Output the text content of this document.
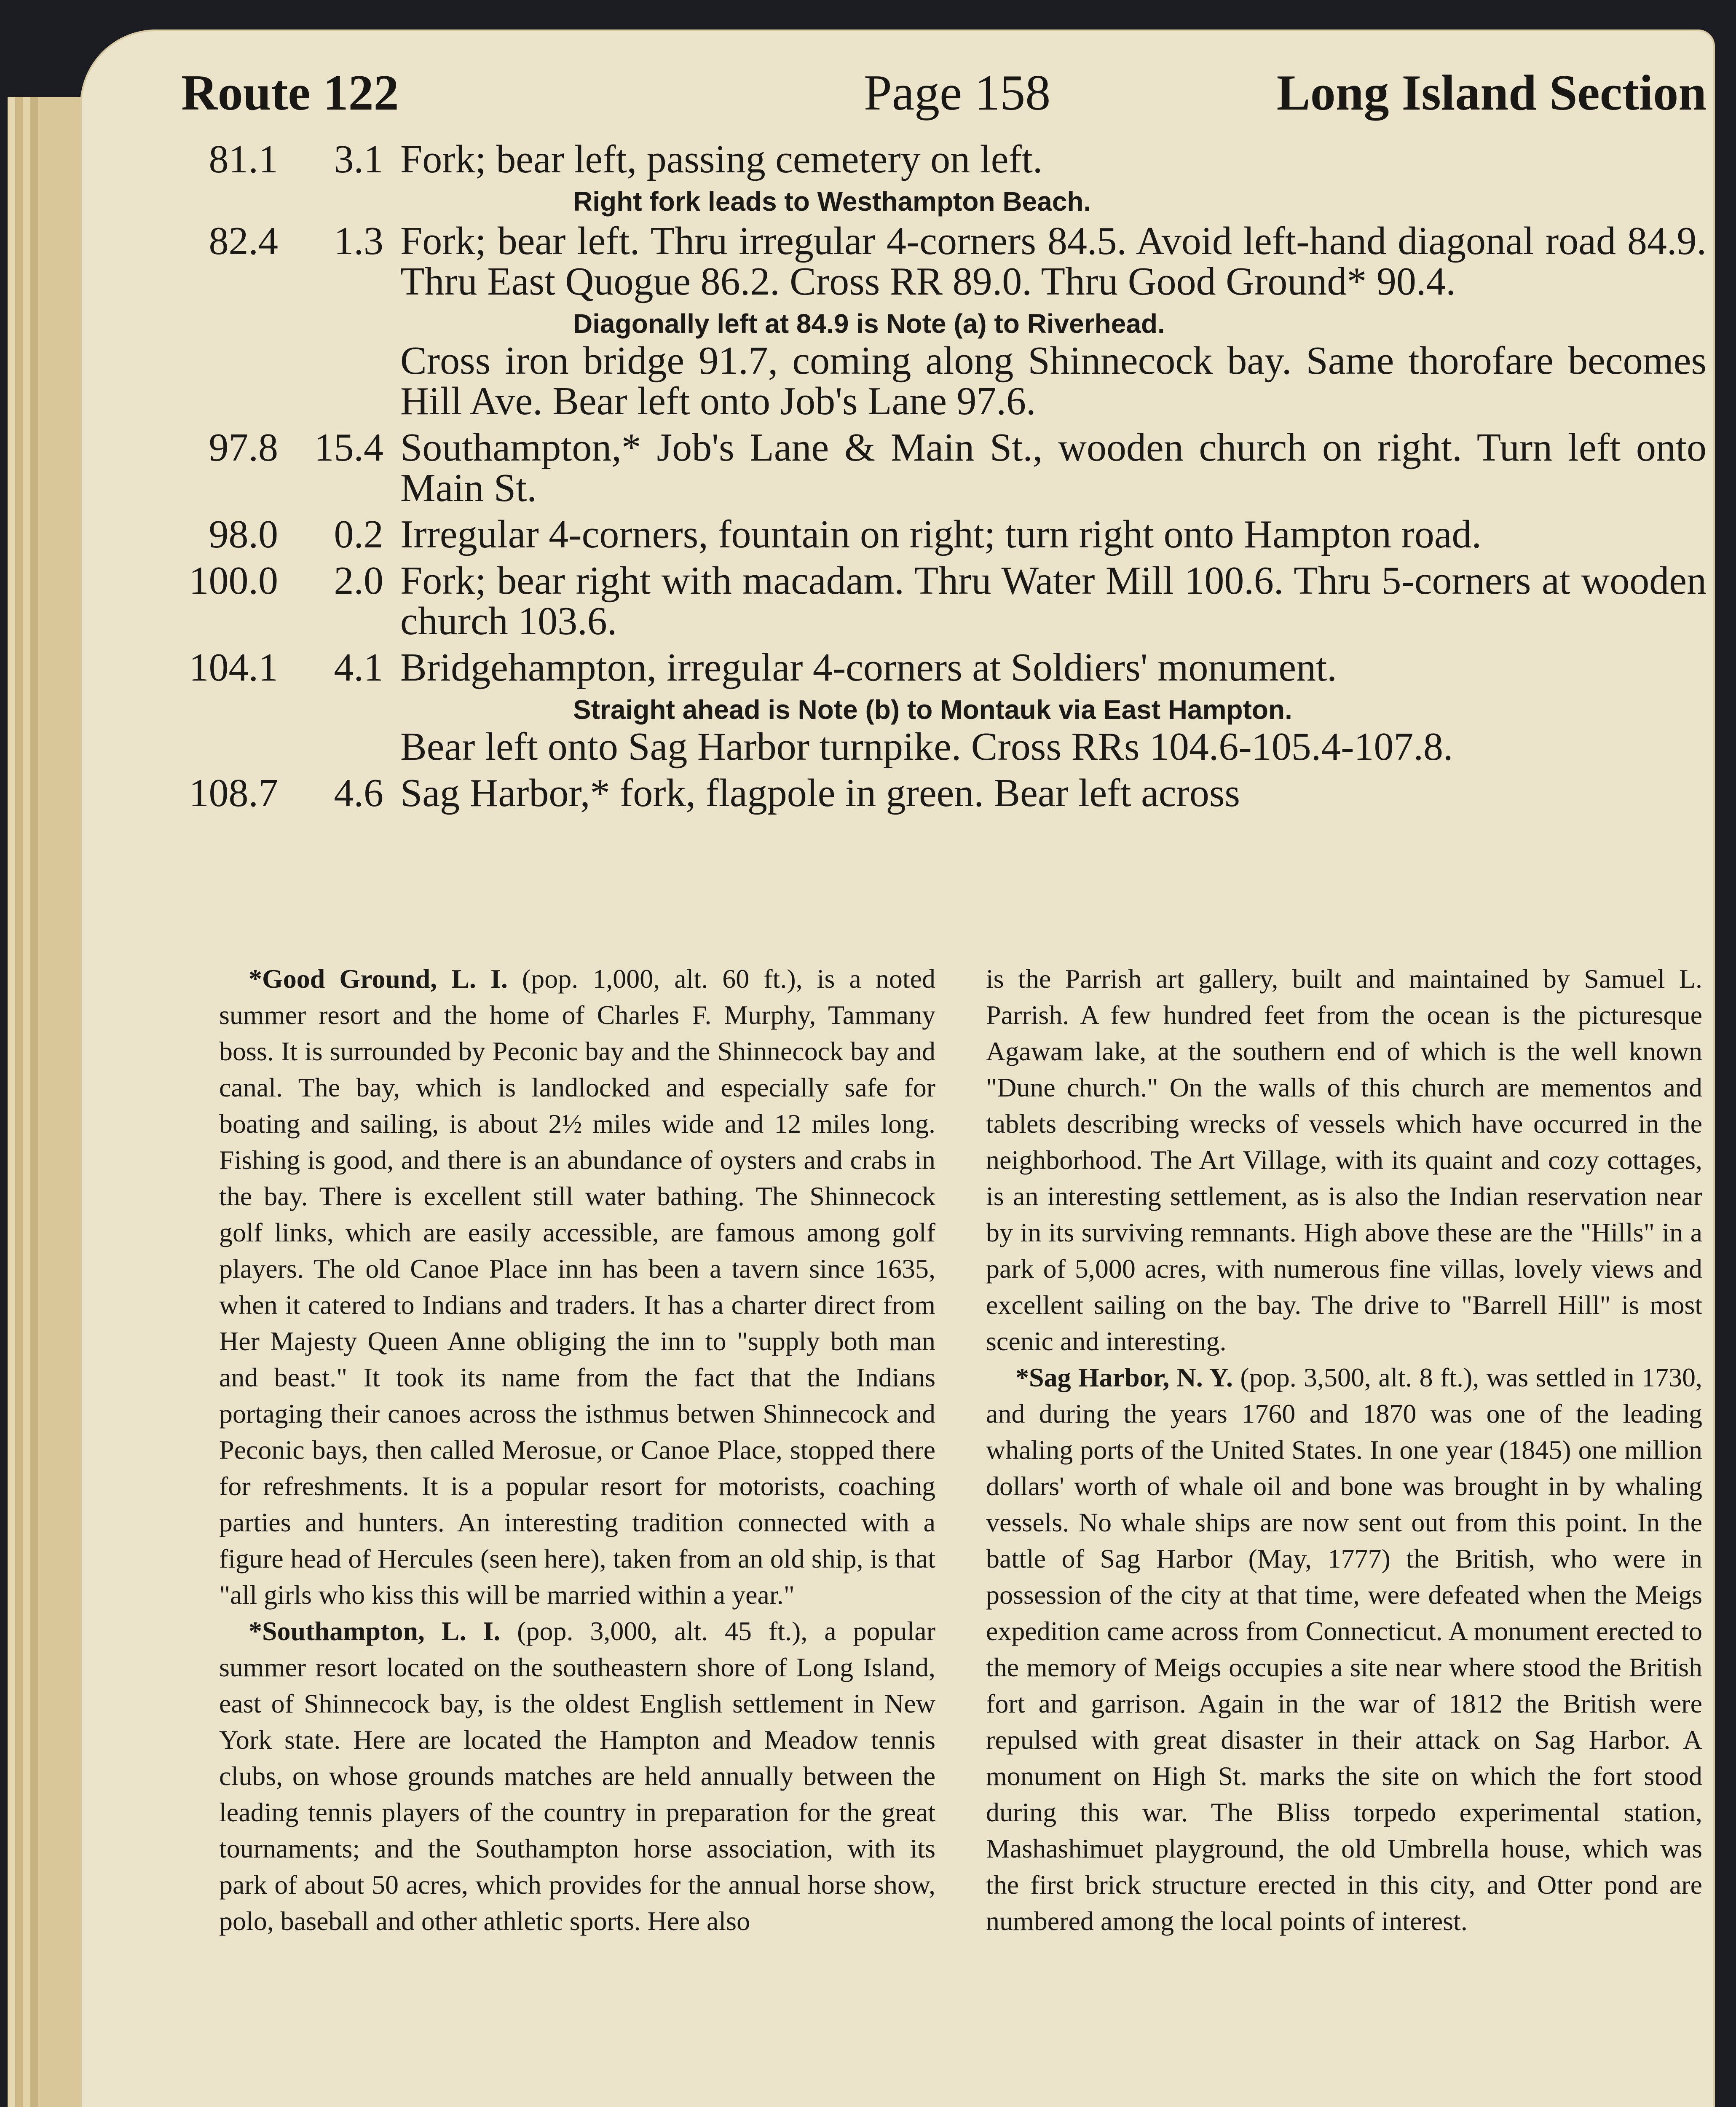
Route 122	Page 158	Long Island Section
81.1	3.1 Fork; bear left, passing cemetery on left.
Right fork leads to Westhampton Beach.
82.4	1.3 Fork; bear left. Thru irregular 4-corners 84.5. Avoid left-hand diagonal road 84.9. Thru East Quogue 86.2. Cross RR 89.0. Thru Good Ground* 90.4.
Diagonally left at 84.9 is Note (a) to Riverhead.
Cross iron bridge 91.7, coming along Shinnecock bay. Same thorofare becomes Hill Ave. Bear left onto Job's Lane 97.6.
97.8 15.4 Southampton,* Job's Lane & Main St., wooden church on right. Turn left onto Main St.
98.0	0.2 Irregular 4-corners, fountain on right; turn right onto Hampton road.
100.0	2.0 Fork; bear right with macadam. Thru Water Mill 100.6. Thru 5-corners at wooden church 103.6.
104.1	4.1 Bridgehampton, irregular 4-corners at Soldiers' monument.
Straight ahead is Note (b) to Montauk via East Hampton.
Bear left onto Sag Harbor turnpike. Cross RRs 104.6-105.4-107.8.
108.7	4.6 Sag Harbor,* fork, flagpole in green. Bear left across

*Good Ground, L. I. (pop. 1,000, alt. 60 ft.), is a noted summer resort and the home of Charles F. Murphy, Tammany boss. It is surrounded by Peconic bay and the Shinnecock bay and canal. The bay, which is landlocked and especially safe for boating and sailing, is about 2½ miles wide and 12 miles long. Fishing is good, and there is an abundance of oysters and crabs in the bay. There is excellent still water bathing. The Shinnecock golf links, which are easily accessible, are famous among golf players. The old Canoe Place inn has been a tavern since 1635, when it catered to Indians and traders. It has a charter direct from Her Majesty Queen Anne obliging the inn to "supply both man and beast." It took its name from the fact that the Indians portaging their canoes across the isthmus betwen Shinnecock and Peconic bays, then called Merosue, or Canoe Place, stopped there for refreshments. It is a popular resort for motorists, coaching parties and hunters. An interesting tradition connected with a figure head of Hercules (seen here), taken from an old ship, is that "all girls who kiss this will be married within a year."

*Southampton, L. I. (pop. 3,000, alt. 45 ft.), a popular summer resort located on the southeastern shore of Long Island, east of Shinnecock bay, is the oldest English settlement in New York state. Here are located the Hampton and Meadow tennis clubs, on whose grounds matches are held annually between the leading tennis players of the country in preparation for the great tournaments; and the Southampton horse association, with its park of about 50 acres, which provides for the annual horse show, polo, baseball and other athletic sports. Here also

is the Parrish art gallery, built and maintained by Samuel L. Parrish. A few hundred feet from the ocean is the picturesque Agawam lake, at the southern end of which is the well known "Dune church." On the walls of this church are mementos and tablets describing wrecks of vessels which have occurred in the neighborhood. The Art Village, with its quaint and cozy cottages, is an interesting settlement, as is also the Indian reservation near by in its surviving remnants. High above these are the "Hills" in a park of 5,000 acres, with numerous fine villas, lovely views and excellent sailing on the bay. The drive to "Barrell Hill" is most scenic and interesting.

*Sag Harbor, N. Y. (pop. 3,500, alt. 8 ft.), was settled in 1730, and during the years 1760 and 1870 was one of the leading whaling ports of the United States. In one year (1845) one million dollars' worth of whale oil and bone was brought in by whaling vessels. No whale ships are now sent out from this point. In the battle of Sag Harbor (May, 1777) the British, who were in possession of the city at that time, were defeated when the Meigs expedition came across from Connecticut. A monument erected to the memory of Meigs occupies a site near where stood the British fort and garrison. Again in the war of 1812 the British were repulsed with great disaster in their attack on Sag Harbor. A monument on High St. marks the site on which the fort stood during this war. The Bliss torpedo experimental station, Mashashimuet playground, the old Umbrella house, which was the first brick structure erected in this city, and Otter pond are numbered among the local points of interest.
